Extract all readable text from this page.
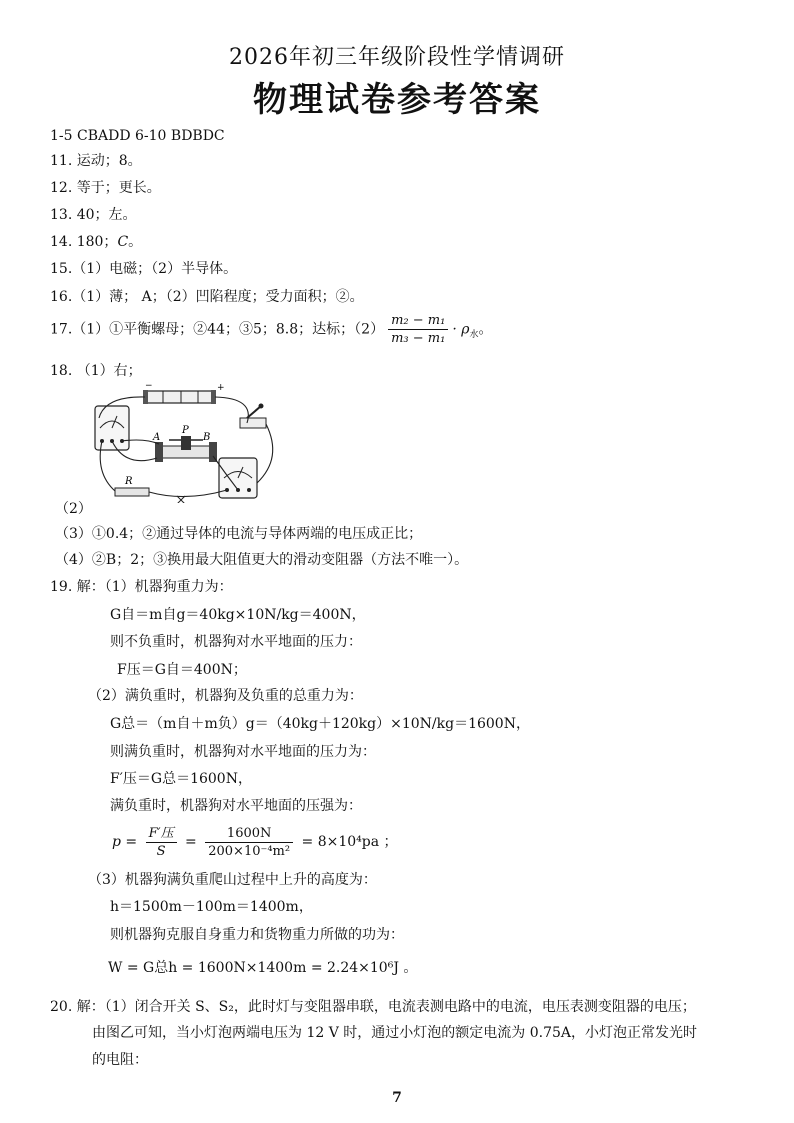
2026年初三年级阶段性学情调研
物理试卷参考答案
1-5 CBADD 6-10 BDBDC
11. 运动；8。
12. 等于；更长。
13. 40；左。
14. 180；C。
15.（1）电磁；（2）半导体。
16.（1）薄； A；（2）凹陷程度；受力面积；②。
17.（1）①平衡螺母；②44；③5；8.8；达标；$(2) \frac{\text{m₂ − m₁}}{\text{m₃ − m₁}} \cdot \rho_水$。
18. （1）右；
−	+
A
P
B
R
（2）
（3）①0.4；②通过导体的电流与导体两端的电压成正比；
（4）②B；2；③换用最大阻值更大的滑动变阻器（方法不唯一）。
19. 解：（1）机器狗重力为：
G自＝m自g＝40kg×10N/kg＝400N，
则不负重时，机器狗对水平地面的压力：
F压＝G自＝400N；
（2）满负重时，机器狗及负重的总重力为：
G总＝（m自＋m负）g＝（40kg＋120kg）×10N/kg＝1600N，
则满负重时，机器狗对水平地面的压力为：
F′压＝G总＝1600N，
满负重时，机器狗对水平地面的压强为：
$p = \frac{\text{F′压}}{S} = \frac{1600N}{\text{200×10⁻⁴m²}} = 8\times 10^4pa$ ；
（3）机器狗满负重爬山过程中上升的高度为：
h＝1500m－100m＝1400m，
则机器狗克服自身重力和货物重力所做的功为：
W = G总h = 1600N×1400m = 2.24×10⁶J 。
20. 解：（1）闭合开关 S、S₂，此时灯与变阻器串联，电流表测电路中的电流，电压表测变阻器的电压；
由图乙可知，当小灯泡两端电压为 12 V 时，通过小灯泡的额定电流为 0.75A，小灯泡正常发光时
的电阻：
7
